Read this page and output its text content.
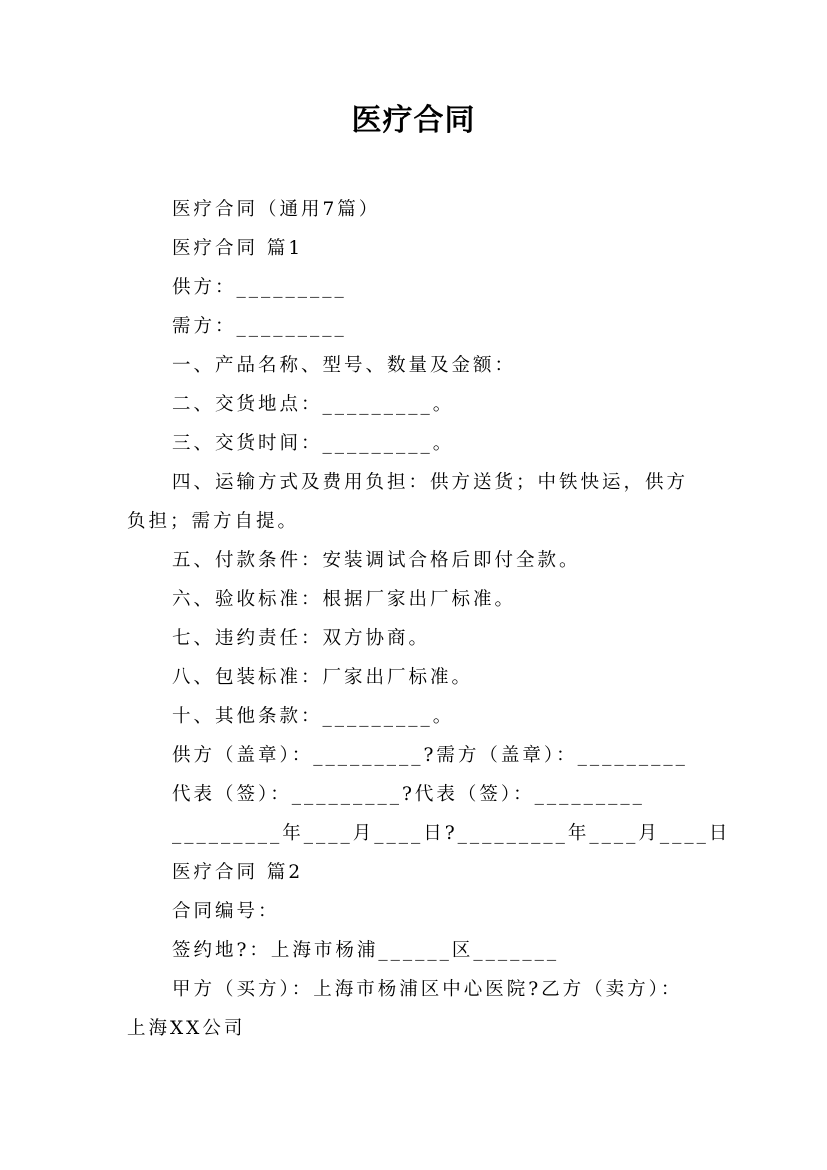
医疗合同
医疗合同（通用7篇）
医疗合同 篇1
供方：_________
需方：_________
一、产品名称、型号、数量及金额：
二、交货地点：_________。
三、交货时间：_________。
四、运输方式及费用负担：供方送货；中铁快运，供方
负担；需方自提。
五、付款条件：安装调试合格后即付全款。
六、验收标准：根据厂家出厂标准。
七、违约责任：双方协商。
八、包装标准：厂家出厂标准。
十、其他条款：_________。
供方（盖章）：_________?需方（盖章）：_________
代表（签）：_________?代表（签）：_________
_________年____月____日?_________年____月____日
医疗合同 篇2
合同编号：
签约地?：上海市杨浦______区_______
甲方（买方）：上海市杨浦区中心医院?乙方（卖方）：
上海XX公司
